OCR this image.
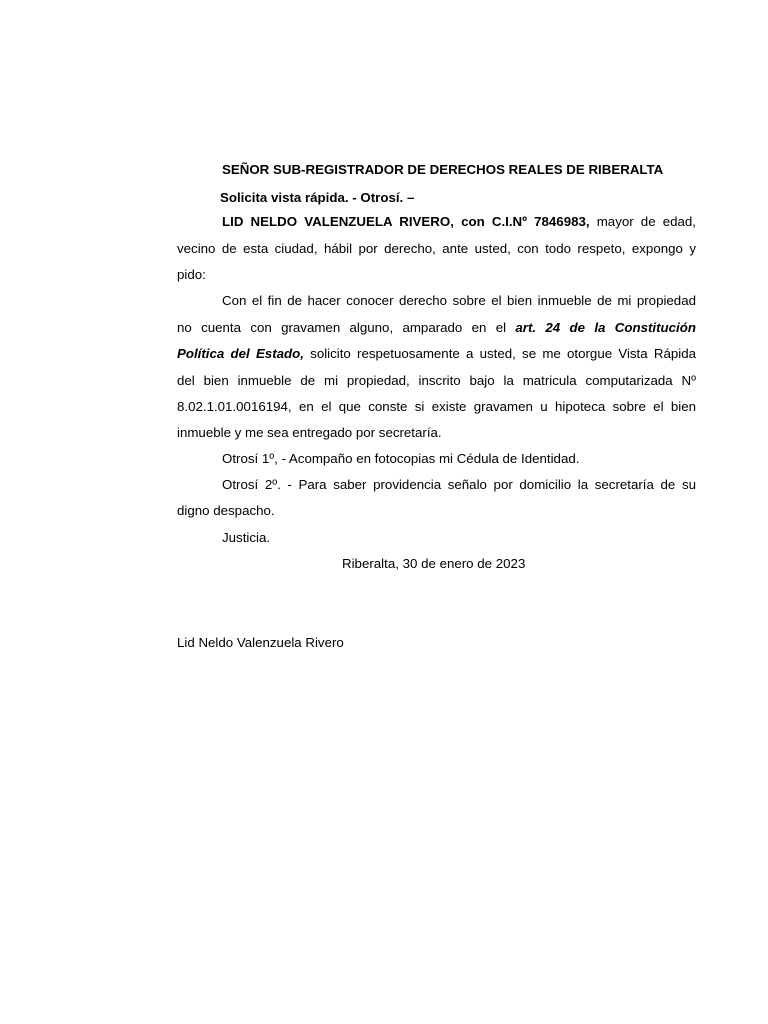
SEÑOR SUB-REGISTRADOR DE DERECHOS REALES DE RIBERALTA
Solicita vista rápida. - Otrosí. –
LID NELDO VALENZUELA RIVERO, con C.I.Nº 7846983, mayor de edad,
vecino de esta ciudad, hábil por derecho, ante usted, con todo respeto, expongo y
pido:
Con el fin de hacer conocer derecho sobre el bien inmueble de mi propiedad
no cuenta con gravamen alguno, amparado en el art. 24 de la Constitución
Política del Estado, solicito respetuosamente a usted, se me otorgue Vista Rápida
del bien inmueble de mi propiedad, inscrito bajo la matricula computarizada Nº
8.02.1.01.0016194, en el que conste si existe gravamen u hipoteca sobre el bien
inmueble y me sea entregado por secretaría.
Otrosí 1º, - Acompaño en fotocopias mi Cédula de Identidad.
Otrosí 2º. - Para saber providencia señalo por domicilio la secretaría de su
digno despacho.
Justicia.
Riberalta, 30 de enero de 2023
Lid Neldo Valenzuela Rivero
